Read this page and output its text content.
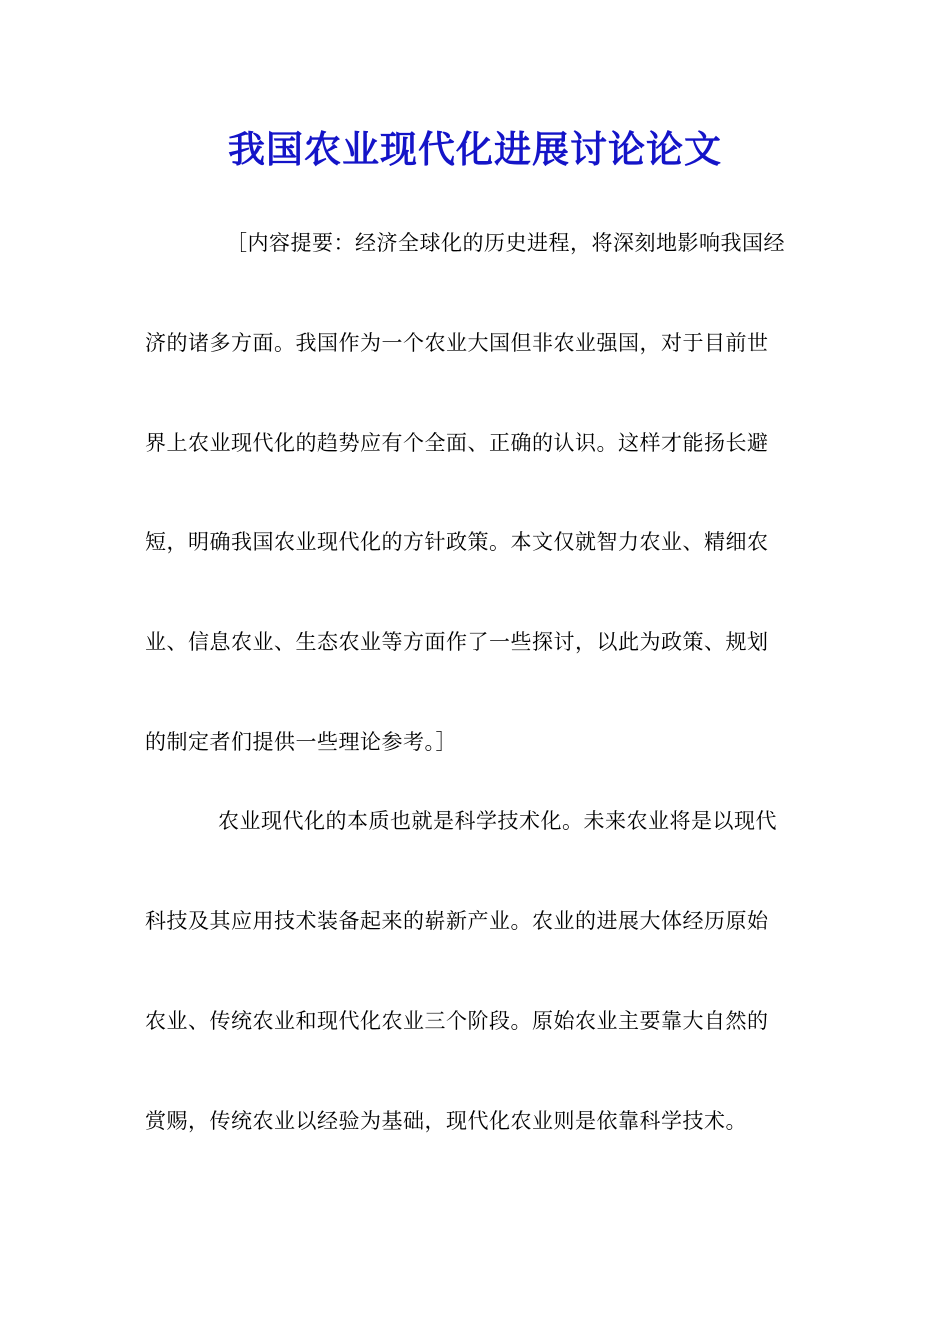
我国农业现代化进展讨论论文
［内容提要：经济全球化的历史进程，将深刻地影响我国经
济的诸多方面。我国作为一个农业大国但非农业强国，对于目前世
界上农业现代化的趋势应有个全面、正确的认识。这样才能扬长避
短，明确我国农业现代化的方针政策。本文仅就智力农业、精细农
业、信息农业、生态农业等方面作了一些探讨，以此为政策、规划
的制定者们提供一些理论参考。］
农业现代化的本质也就是科学技术化。未来农业将是以现代
科技及其应用技术装备起来的崭新产业。农业的进展大体经历原始
农业、传统农业和现代化农业三个阶段。原始农业主要靠大自然的
赏赐，传统农业以经验为基础，现代化农业则是依靠科学技术。
